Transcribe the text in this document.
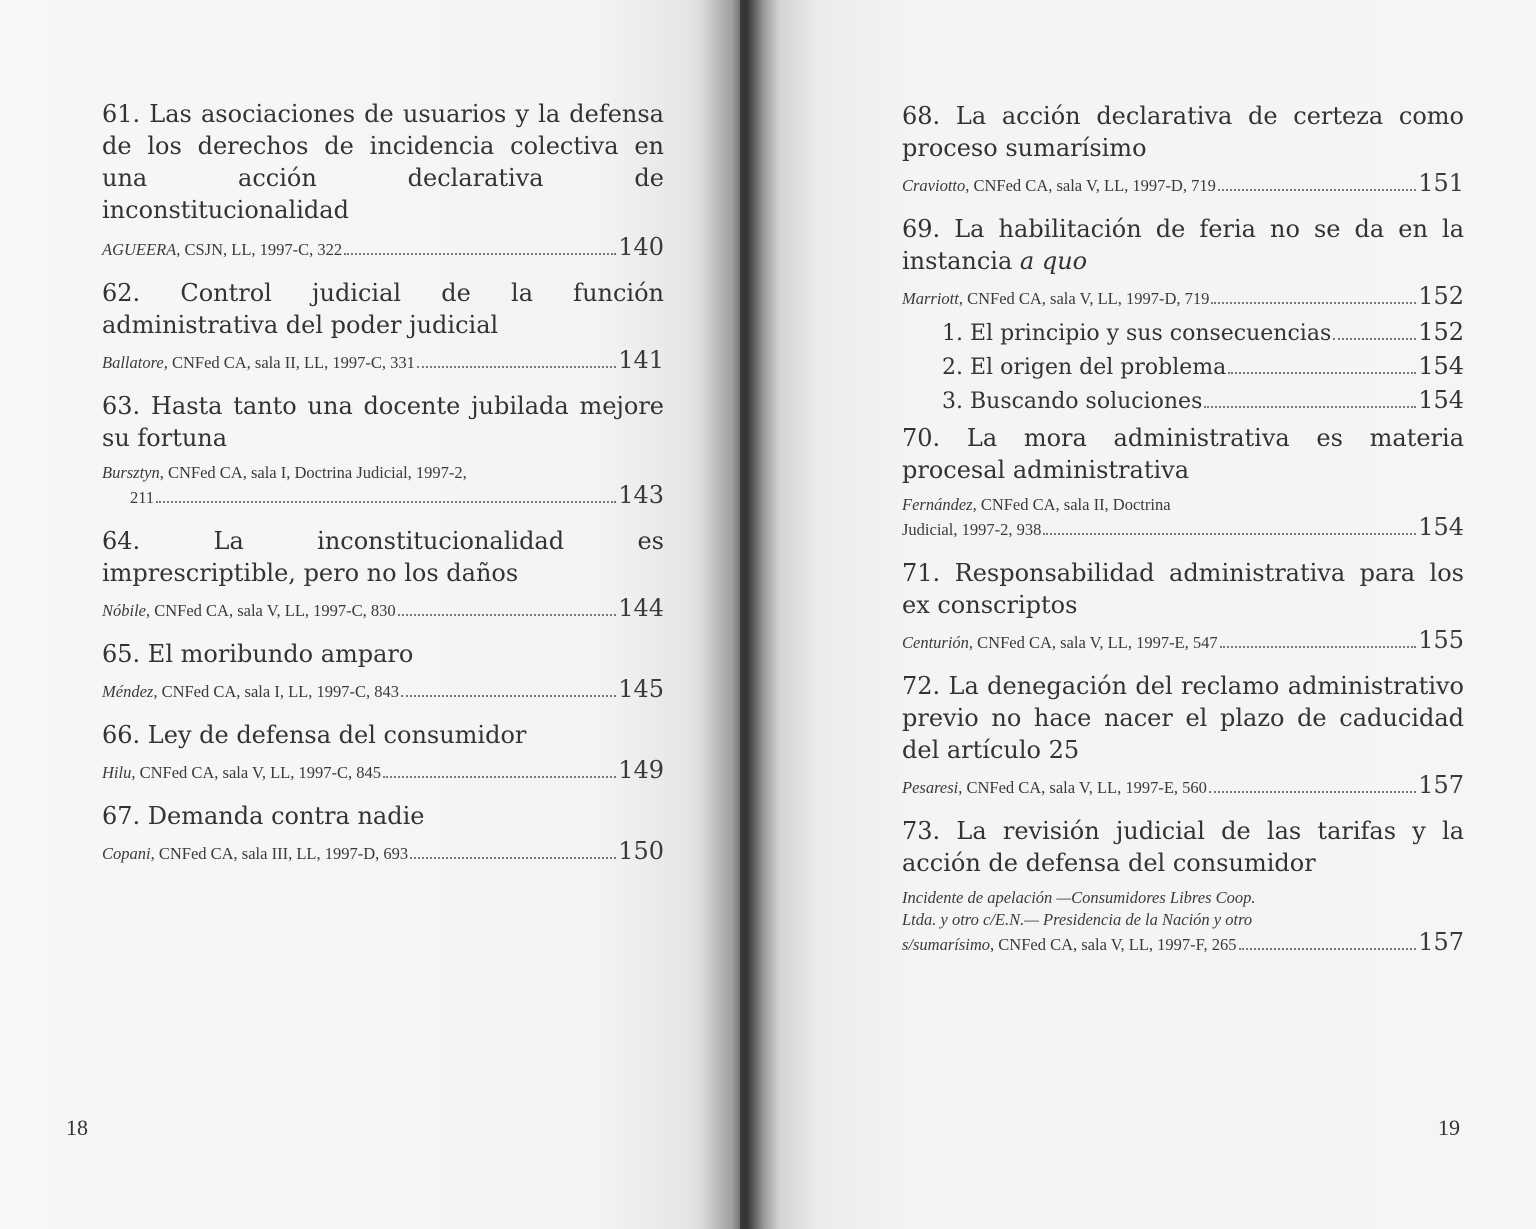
61. Las asociaciones de usuarios y la defensa de los derechos de incidencia colectiva en una acción declarativa de inconstitucionalidad

AGUEERA , CSJN, LL, 1997-C, 322	140

62. Control judicial de la función administrativa del poder judicial

Ballatore , CNFed CA, sala II, LL, 1997-C, 331	141

63. Hasta tanto una docente jubilada mejore su fortuna

Bursztyn, CNFed CA, sala I, Doctrina Judicial, 1997-2,
211	143

64. La inconstitucionalidad es imprescriptible, pero no los daños

Nóbile , CNFed CA, sala V, LL, 1997-C, 830	144

65. El moribundo amparo

Méndez , CNFed CA, sala I, LL, 1997-C, 843	145

66. Ley de defensa del consumidor

Hilu , CNFed CA, sala V, LL, 1997-C, 845	149

67. Demanda contra nadie

Copani , CNFed CA, sala III, LL, 1997-D, 693	150

68. La acción declarativa de certeza como proceso sumarísimo

Craviotto , CNFed CA, sala V, LL, 1997-D, 719	151

69. La habilitación de feria no se da en la instancia a quo

Marriott , CNFed CA, sala V, LL, 1997-D, 719	152
1. El principio y sus consecuencias	152
2. El origen del problema	154
3. Buscando soluciones	154

70. La mora administrativa es materia procesal administrativa

Fernández, CNFed CA, sala II, Doctrina
Judicial, 1997-2, 938	154

71. Responsabilidad administrativa para los ex conscriptos

Centurión , CNFed CA, sala V, LL, 1997-E, 547	155

72. La denegación del reclamo administrativo previo no hace nacer el plazo de caducidad del artículo 25

Pesaresi , CNFed CA, sala V, LL, 1997-E, 560	157

73. La revisión judicial de las tarifas y la acción de defensa del consumidor

Incidente de apelación —Consumidores Libres Coop.
Ltda. y otro c/E.N.— Presidencia de la Nación y otro
s/sumarísimo , CNFed CA, sala V, LL, 1997-F, 265	157
18	19
